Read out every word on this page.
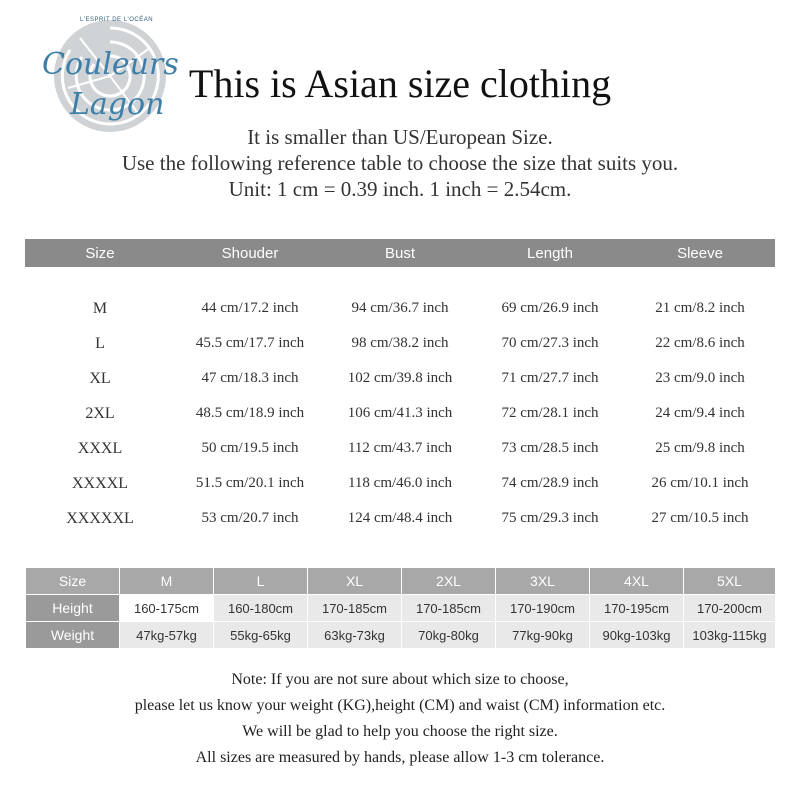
L'ESPRIT DE L'OCÉAN
Couleurs
Lagon This is Asian size clothing
It is smaller than US/European Size.
Use the following reference table to choose the size that suits you.
Unit: 1 cm = 0.39 inch. 1 inch = 2.54cm.
Size	Shouder	Bust	Length	Sleeve

M	44 cm/17.2 inch	94 cm/36.7 inch	69 cm/26.9 inch	21 cm/8.2 inch
L	45.5 cm/17.7 inch	98 cm/38.2 inch	70 cm/27.3 inch	22 cm/8.6 inch
XL	47 cm/18.3 inch	102 cm/39.8 inch	71 cm/27.7 inch	23 cm/9.0 inch
2XL	48.5 cm/18.9 inch	106 cm/41.3 inch	72 cm/28.1 inch	24 cm/9.4 inch
XXXL	50 cm/19.5 inch	112 cm/43.7 inch	73 cm/28.5 inch	25 cm/9.8 inch
XXXXL	51.5 cm/20.1 inch	118 cm/46.0 inch	74 cm/28.9 inch	26 cm/10.1 inch
XXXXXL	53 cm/20.7 inch	124 cm/48.4 inch	75 cm/29.3 inch	27 cm/10.5 inch
Size	M	L	XL	2XL	3XL	4XL	5XL
Height	160-175cm	160-180cm	170-185cm	170-185cm	170-190cm	170-195cm	170-200cm
Weight	47kg-57kg	55kg-65kg	63kg-73kg	70kg-80kg	77kg-90kg	90kg-103kg	103kg-115kg
Note: If you are not sure about which size to choose,
please let us know your weight (KG),height (CM) and waist (CM) information etc.
We will be glad to help you choose the right size.
All sizes are measured by hands, please allow 1-3 cm tolerance.
